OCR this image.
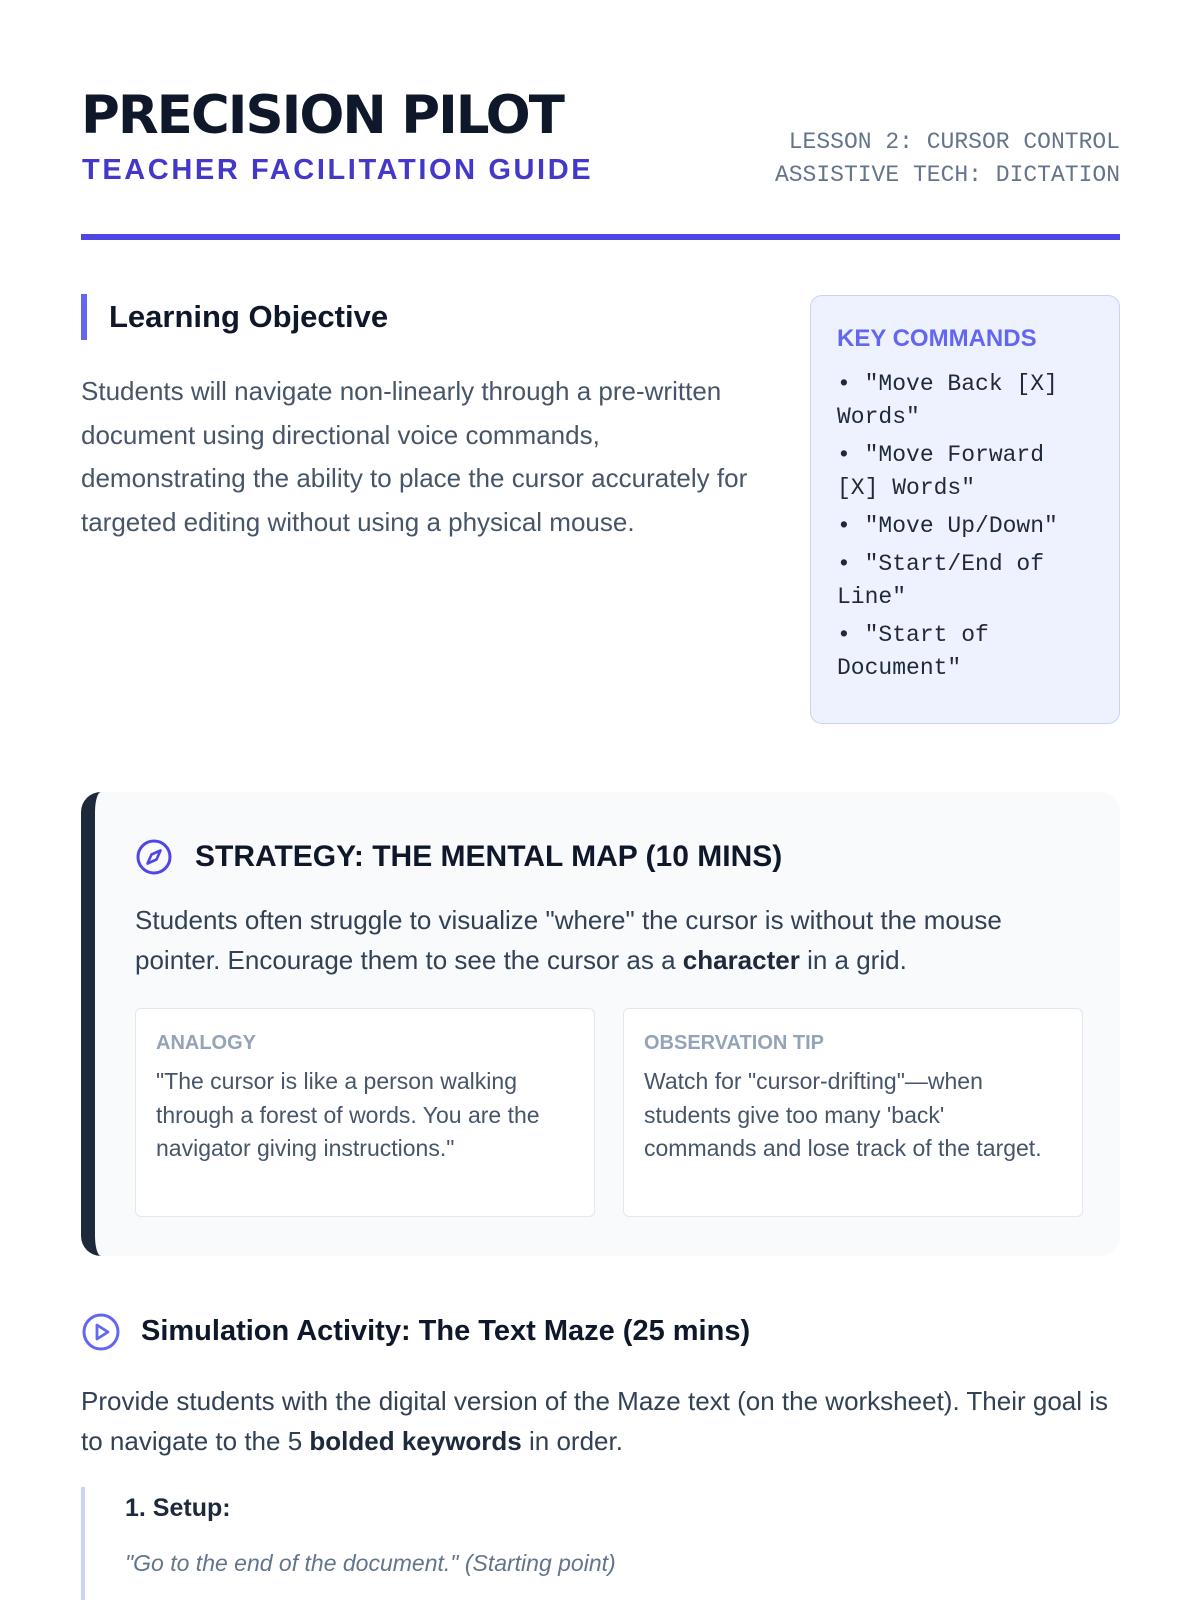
PRECISION PILOT
TEACHER FACILITATION GUIDE
LESSON 2: CURSOR CONTROL
ASSISTIVE TECH: DICTATION
Learning Objective

Students will navigate non-linearly through a pre-written document using directional voice commands, demonstrating the ability to place the cursor accurately for targeted editing without using a physical mouse.

KEY COMMANDS
• "Move Back [X] Words"
• "Move Forward [X] Words"
• "Move Up/Down"
• "Start/End of Line"
• "Start of Document"
STRATEGY: THE MENTAL MAP (10 MINS)

Students often struggle to visualize "where" the cursor is without the mouse pointer. Encourage them to see the cursor as a character in a grid.

ANALOGY

"The cursor is like a person walking through a forest of words. You are the navigator giving instructions."

OBSERVATION TIP

Watch for "cursor-drifting"—when students give too many 'back' commands and lose track of the target.

Simulation Activity: The Text Maze (25 mins)

Provide students with the digital version of the Maze text (on the worksheet). Their goal is to navigate to the 5 bolded keywords in order.

1. Setup:
"Go to the end of the document." (Starting point)
